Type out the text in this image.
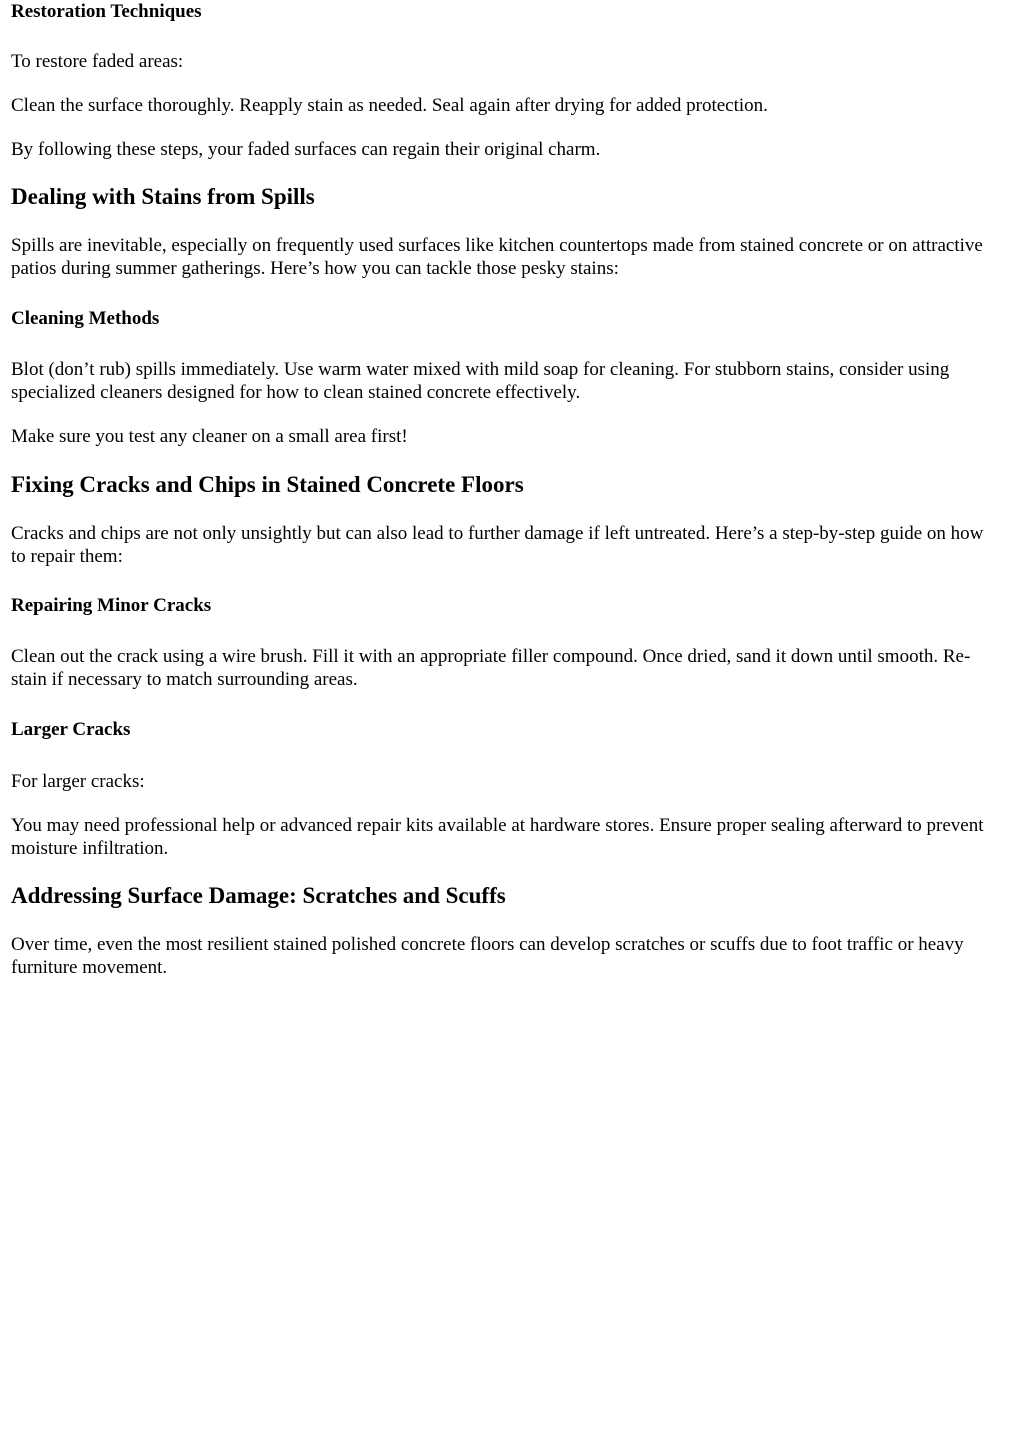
Restoration Techniques

To restore faded areas:

Clean the surface thoroughly. Reapply stain as needed. Seal again after drying for added protection.

By following these steps, your faded surfaces can regain their original charm.

Dealing with Stains from Spills

Spills are inevitable, especially on frequently used surfaces like kitchen countertops made from stained concrete or on attractive patios during summer gatherings. Here’s how you can tackle those pesky stains:

Cleaning Methods

Blot (don’t rub) spills immediately. Use warm water mixed with mild soap for cleaning. For stubborn stains, consider using specialized cleaners designed for how to clean stained concrete effectively.

Make sure you test any cleaner on a small area first!

Fixing Cracks and Chips in Stained Concrete Floors

Cracks and chips are not only unsightly but can also lead to further damage if left untreated. Here’s a step-by-step guide on how to repair them:

Repairing Minor Cracks

Clean out the crack using a wire brush. Fill it with an appropriate filler compound. Once dried, sand it down until smooth. Re-stain if necessary to match surrounding areas.

Larger Cracks

For larger cracks:

You may need professional help or advanced repair kits available at hardware stores. Ensure proper sealing afterward to prevent moisture infiltration.

Addressing Surface Damage: Scratches and Scuffs

Over time, even the most resilient stained polished concrete floors can develop scratches or scuffs due to foot traffic or heavy furniture movement.
